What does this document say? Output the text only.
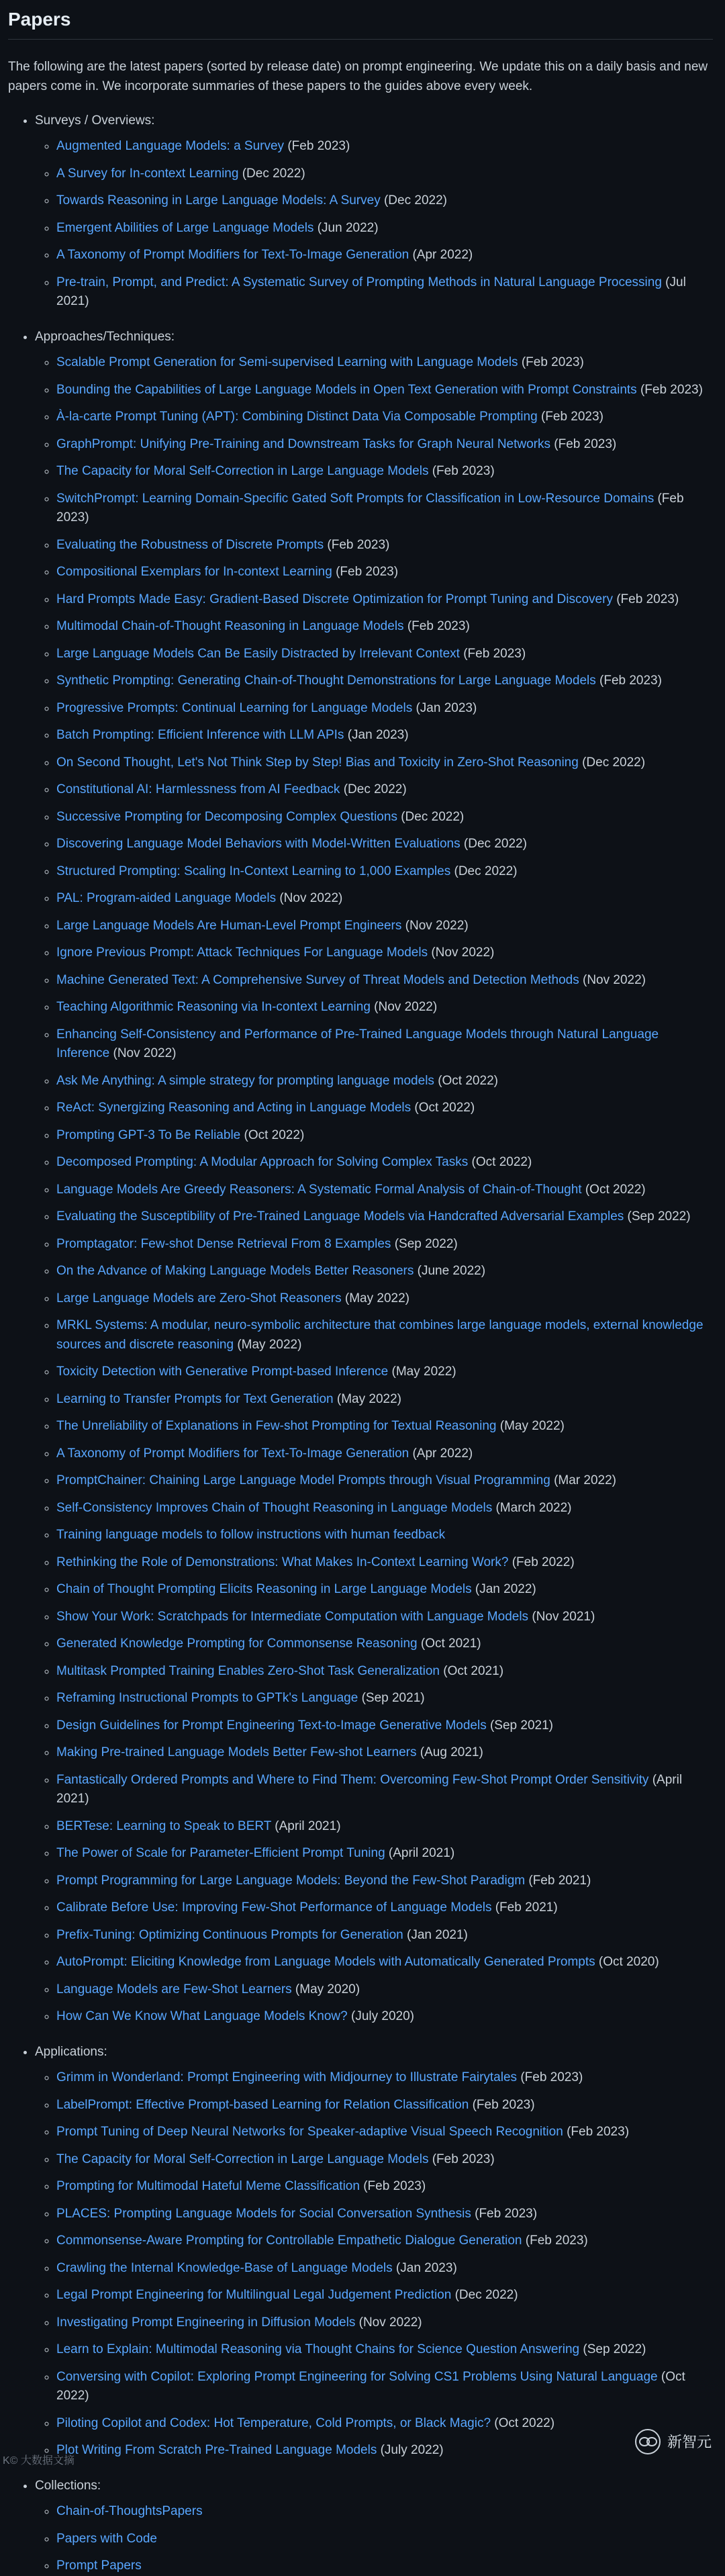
Papers

The following are the latest papers (sorted by release date) on prompt engineering. We update this on a daily basis and new papers come in. We incorporate summaries of these papers to the guides above every week.

• Surveys / Overviews:
◦ Augmented Language Models: a Survey (Feb 2023)
◦ A Survey for In-context Learning (Dec 2022)
◦ Towards Reasoning in Large Language Models: A Survey (Dec 2022)
◦ Emergent Abilities of Large Language Models (Jun 2022)
◦ A Taxonomy of Prompt Modifiers for Text-To-Image Generation (Apr 2022)
◦ Pre-train, Prompt, and Predict: A Systematic Survey of Prompting Methods in Natural Language Processing (Jul 2021)
• Approaches/Techniques:
◦ Scalable Prompt Generation for Semi-supervised Learning with Language Models (Feb 2023)
◦ Bounding the Capabilities of Large Language Models in Open Text Generation with Prompt Constraints (Feb 2023)
◦ À-la-carte Prompt Tuning (APT): Combining Distinct Data Via Composable Prompting (Feb 2023)
◦ GraphPrompt: Unifying Pre-Training and Downstream Tasks for Graph Neural Networks (Feb 2023)
◦ The Capacity for Moral Self-Correction in Large Language Models (Feb 2023)
◦ SwitchPrompt: Learning Domain-Specific Gated Soft Prompts for Classification in Low-Resource Domains (Feb 2023)
◦ Evaluating the Robustness of Discrete Prompts (Feb 2023)
◦ Compositional Exemplars for In-context Learning (Feb 2023)
◦ Hard Prompts Made Easy: Gradient-Based Discrete Optimization for Prompt Tuning and Discovery (Feb 2023)
◦ Multimodal Chain-of-Thought Reasoning in Language Models (Feb 2023)
◦ Large Language Models Can Be Easily Distracted by Irrelevant Context (Feb 2023)
◦ Synthetic Prompting: Generating Chain-of-Thought Demonstrations for Large Language Models (Feb 2023)
◦ Progressive Prompts: Continual Learning for Language Models (Jan 2023)
◦ Batch Prompting: Efficient Inference with LLM APIs (Jan 2023)
◦ On Second Thought, Let's Not Think Step by Step! Bias and Toxicity in Zero-Shot Reasoning (Dec 2022)
◦ Constitutional AI: Harmlessness from AI Feedback (Dec 2022)
◦ Successive Prompting for Decomposing Complex Questions (Dec 2022)
◦ Discovering Language Model Behaviors with Model-Written Evaluations (Dec 2022)
◦ Structured Prompting: Scaling In-Context Learning to 1,000 Examples (Dec 2022)
◦ PAL: Program-aided Language Models (Nov 2022)
◦ Large Language Models Are Human-Level Prompt Engineers (Nov 2022)
◦ Ignore Previous Prompt: Attack Techniques For Language Models (Nov 2022)
◦ Machine Generated Text: A Comprehensive Survey of Threat Models and Detection Methods (Nov 2022)
◦ Teaching Algorithmic Reasoning via In-context Learning (Nov 2022)
◦ Enhancing Self-Consistency and Performance of Pre-Trained Language Models through Natural Language Inference (Nov 2022)
◦ Ask Me Anything: A simple strategy for prompting language models (Oct 2022)
◦ ReAct: Synergizing Reasoning and Acting in Language Models (Oct 2022)
◦ Prompting GPT-3 To Be Reliable (Oct 2022)
◦ Decomposed Prompting: A Modular Approach for Solving Complex Tasks (Oct 2022)
◦ Language Models Are Greedy Reasoners: A Systematic Formal Analysis of Chain-of-Thought (Oct 2022)
◦ Evaluating the Susceptibility of Pre-Trained Language Models via Handcrafted Adversarial Examples (Sep 2022)
◦ Promptagator: Few-shot Dense Retrieval From 8 Examples (Sep 2022)
◦ On the Advance of Making Language Models Better Reasoners (June 2022)
◦ Large Language Models are Zero-Shot Reasoners (May 2022)
◦ MRKL Systems: A modular, neuro-symbolic architecture that combines large language models, external knowledge sources and discrete reasoning (May 2022)
◦ Toxicity Detection with Generative Prompt-based Inference (May 2022)
◦ Learning to Transfer Prompts for Text Generation (May 2022)
◦ The Unreliability of Explanations in Few-shot Prompting for Textual Reasoning (May 2022)
◦ A Taxonomy of Prompt Modifiers for Text-To-Image Generation (Apr 2022)
◦ PromptChainer: Chaining Large Language Model Prompts through Visual Programming (Mar 2022)
◦ Self-Consistency Improves Chain of Thought Reasoning in Language Models (March 2022)
◦ Training language models to follow instructions with human feedback
◦ Rethinking the Role of Demonstrations: What Makes In-Context Learning Work? (Feb 2022)
◦ Chain of Thought Prompting Elicits Reasoning in Large Language Models (Jan 2022)
◦ Show Your Work: Scratchpads for Intermediate Computation with Language Models (Nov 2021)
◦ Generated Knowledge Prompting for Commonsense Reasoning (Oct 2021)
◦ Multitask Prompted Training Enables Zero-Shot Task Generalization (Oct 2021)
◦ Reframing Instructional Prompts to GPTk's Language (Sep 2021)
◦ Design Guidelines for Prompt Engineering Text-to-Image Generative Models (Sep 2021)
◦ Making Pre-trained Language Models Better Few-shot Learners (Aug 2021)
◦ Fantastically Ordered Prompts and Where to Find Them: Overcoming Few-Shot Prompt Order Sensitivity (April 2021)
◦ BERTese: Learning to Speak to BERT (April 2021)
◦ The Power of Scale for Parameter-Efficient Prompt Tuning (April 2021)
◦ Prompt Programming for Large Language Models: Beyond the Few-Shot Paradigm (Feb 2021)
◦ Calibrate Before Use: Improving Few-Shot Performance of Language Models (Feb 2021)
◦ Prefix-Tuning: Optimizing Continuous Prompts for Generation (Jan 2021)
◦ AutoPrompt: Eliciting Knowledge from Language Models with Automatically Generated Prompts (Oct 2020)
◦ Language Models are Few-Shot Learners (May 2020)
◦ How Can We Know What Language Models Know? (July 2020)
• Applications:
◦ Grimm in Wonderland: Prompt Engineering with Midjourney to Illustrate Fairytales (Feb 2023)
◦ LabelPrompt: Effective Prompt-based Learning for Relation Classification (Feb 2023)
◦ Prompt Tuning of Deep Neural Networks for Speaker-adaptive Visual Speech Recognition (Feb 2023)
◦ The Capacity for Moral Self-Correction in Large Language Models (Feb 2023)
◦ Prompting for Multimodal Hateful Meme Classification (Feb 2023)
◦ PLACES: Prompting Language Models for Social Conversation Synthesis (Feb 2023)
◦ Commonsense-Aware Prompting for Controllable Empathetic Dialogue Generation (Feb 2023)
◦ Crawling the Internal Knowledge-Base of Language Models (Jan 2023)
◦ Legal Prompt Engineering for Multilingual Legal Judgement Prediction (Dec 2022)
◦ Investigating Prompt Engineering in Diffusion Models (Nov 2022)
◦ Learn to Explain: Multimodal Reasoning via Thought Chains for Science Question Answering (Sep 2022)
◦ Conversing with Copilot: Exploring Prompt Engineering for Solving CS1 Problems Using Natural Language (Oct 2022)
◦ Piloting Copilot and Codex: Hot Temperature, Cold Prompts, or Black Magic? (Oct 2022)
◦ Plot Writing From Scratch Pre-Trained Language Models (July 2022)
• Collections:
◦ Chain-of-ThoughtsPapers
◦ Papers with Code
◦ Prompt Papers
K© 大数据文摘
新智元
